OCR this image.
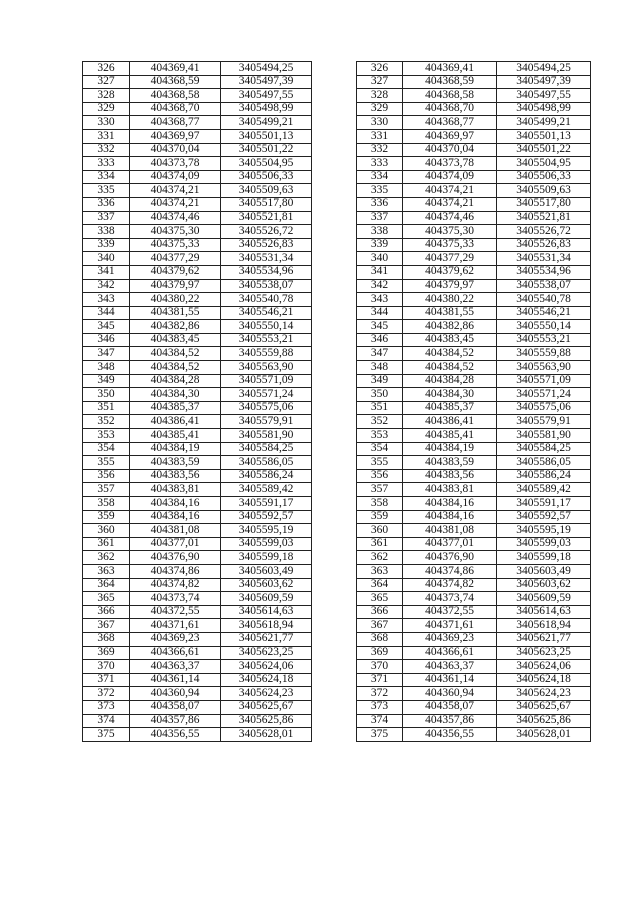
326	404369,41	3405494,25		326	404369,41	3405494,25
327	404368,59	3405497,39		327	404368,59	3405497,39
328	404368,58	3405497,55		328	404368,58	3405497,55
329	404368,70	3405498,99		329	404368,70	3405498,99
330	404368,77	3405499,21		330	404368,77	3405499,21
331	404369,97	3405501,13		331	404369,97	3405501,13
332	404370,04	3405501,22		332	404370,04	3405501,22
333	404373,78	3405504,95		333	404373,78	3405504,95
334	404374,09	3405506,33		334	404374,09	3405506,33
335	404374,21	3405509,63		335	404374,21	3405509,63
336	404374,21	3405517,80		336	404374,21	3405517,80
337	404374,46	3405521,81		337	404374,46	3405521,81
338	404375,30	3405526,72		338	404375,30	3405526,72
339	404375,33	3405526,83		339	404375,33	3405526,83
340	404377,29	3405531,34		340	404377,29	3405531,34
341	404379,62	3405534,96		341	404379,62	3405534,96
342	404379,97	3405538,07		342	404379,97	3405538,07
343	404380,22	3405540,78		343	404380,22	3405540,78
344	404381,55	3405546,21		344	404381,55	3405546,21
345	404382,86	3405550,14		345	404382,86	3405550,14
346	404383,45	3405553,21		346	404383,45	3405553,21
347	404384,52	3405559,88		347	404384,52	3405559,88
348	404384,52	3405563,90		348	404384,52	3405563,90
349	404384,28	3405571,09		349	404384,28	3405571,09
350	404384,30	3405571,24		350	404384,30	3405571,24
351	404385,37	3405575,06		351	404385,37	3405575,06
352	404386,41	3405579,91		352	404386,41	3405579,91
353	404385,41	3405581,90		353	404385,41	3405581,90
354	404384,19	3405584,25		354	404384,19	3405584,25
355	404383,59	3405586,05		355	404383,59	3405586,05
356	404383,56	3405586,24		356	404383,56	3405586,24
357	404383,81	3405589,42		357	404383,81	3405589,42
358	404384,16	3405591,17		358	404384,16	3405591,17
359	404384,16	3405592,57		359	404384,16	3405592,57
360	404381,08	3405595,19		360	404381,08	3405595,19
361	404377,01	3405599,03		361	404377,01	3405599,03
362	404376,90	3405599,18		362	404376,90	3405599,18
363	404374,86	3405603,49		363	404374,86	3405603,49
364	404374,82	3405603,62		364	404374,82	3405603,62
365	404373,74	3405609,59		365	404373,74	3405609,59
366	404372,55	3405614,63		366	404372,55	3405614,63
367	404371,61	3405618,94		367	404371,61	3405618,94
368	404369,23	3405621,77		368	404369,23	3405621,77
369	404366,61	3405623,25		369	404366,61	3405623,25
370	404363,37	3405624,06		370	404363,37	3405624,06
371	404361,14	3405624,18		371	404361,14	3405624,18
372	404360,94	3405624,23		372	404360,94	3405624,23
373	404358,07	3405625,67		373	404358,07	3405625,67
374	404357,86	3405625,86		374	404357,86	3405625,86
375	404356,55	3405628,01		375	404356,55	3405628,01
